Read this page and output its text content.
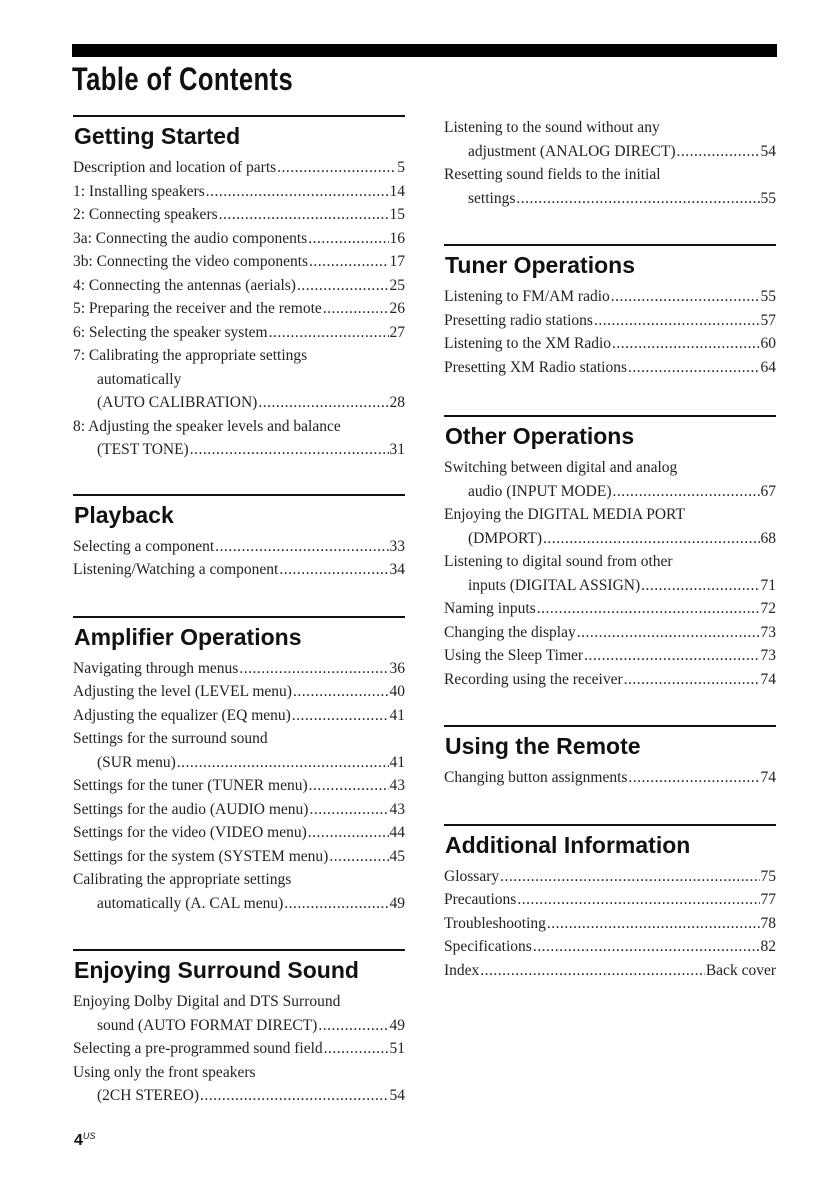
Table of Contents
Getting Started
Description and location of parts .....	5
1: Installing speakers .....	14
2: Connecting speakers .....	15
3a: Connecting the audio components .....	16
3b: Connecting the video components .....	17
4: Connecting the antennas (aerials) .....	25
5: Preparing the receiver and the remote .....	26
6: Selecting the speaker system .....	27
7: Calibrating the appropriate settings
automatically
(AUTO CALIBRATION) .....	28
8: Adjusting the speaker levels and balance
(TEST TONE) .....	31
Playback
Selecting a component .....	33
Listening/Watching a component .....	34
Amplifier Operations
Navigating through menus .....	36
Adjusting the level (LEVEL menu) .....	40
Adjusting the equalizer (EQ menu) .....	41
Settings for the surround sound
(SUR menu) .....	41
Settings for the tuner (TUNER menu) .....	43
Settings for the audio (AUDIO menu) .....	43
Settings for the video (VIDEO menu) .....	44
Settings for the system (SYSTEM menu) .....	45
Calibrating the appropriate settings
automatically (A. CAL menu) .....	49
Enjoying Surround Sound
Enjoying Dolby Digital and DTS Surround
sound (AUTO FORMAT DIRECT) .....	49
Selecting a pre-programmed sound field .....	51
Using only the front speakers
(2CH STEREO) .....	54
Listening to the sound without any
adjustment (ANALOG DIRECT) .....	54
Resetting sound fields to the initial
settings .....	55
Tuner Operations
Listening to FM/AM radio .....	55
Presetting radio stations .....	57
Listening to the XM Radio .....	60
Presetting XM Radio stations .....	64
Other Operations
Switching between digital and analog
audio (INPUT MODE) .....	67
Enjoying the DIGITAL MEDIA PORT
(DMPORT) .....	68
Listening to digital sound from other
inputs (DIGITAL ASSIGN) .....	71
Naming inputs .....	72
Changing the display .....	73
Using the Sleep Timer .....	73
Recording using the receiver .....	74
Using the Remote
Changing button assignments .....	74
Additional Information
Glossary .....	75
Precautions .....	77
Troubleshooting .....	78
Specifications .....	82
Index .....	Back cover
$4^{US}$
